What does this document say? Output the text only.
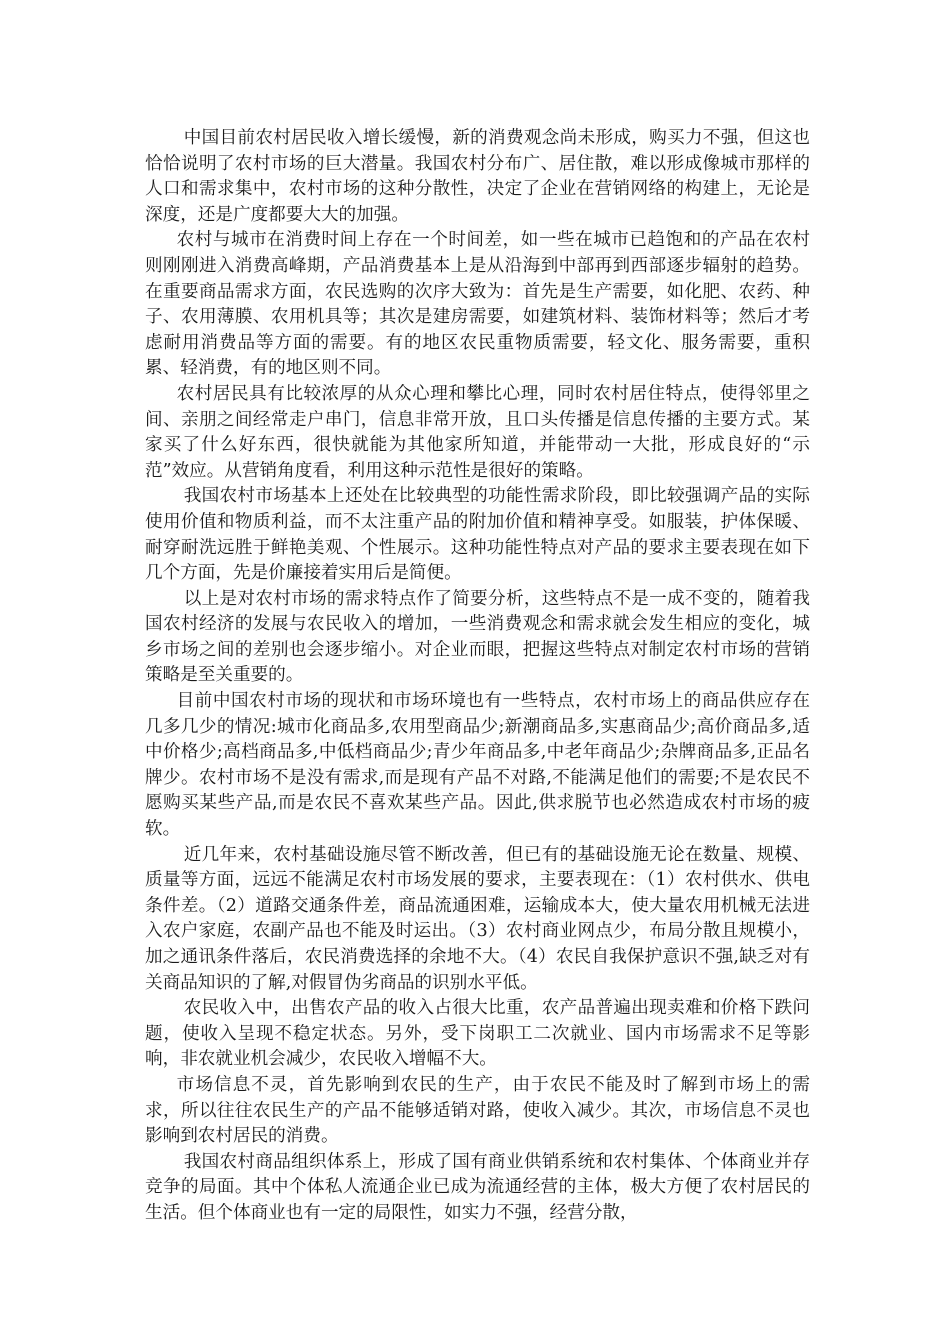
中国目前农村居民收入增长缓慢，新的消费观念尚未形成，购买力不强，但这也恰恰说明了农村市场的巨大潜量。我国农村分布广、居住散，难以形成像城市那样的人口和需求集中，农村市场的这种分散性，决定了企业在营销网络的构建上，无论是深度，还是广度都要大大的加强。

农村与城市在消费时间上存在一个时间差，如一些在城市已趋饱和的产品在农村则刚刚进入消费高峰期，产品消费基本上是从沿海到中部再到西部逐步辐射的趋势。在重要商品需求方面，农民选购的次序大致为：首先是生产需要，如化肥、农药、种子、农用薄膜、农用机具等；其次是建房需要，如建筑材料、装饰材料等；然后才考虑耐用消费品等方面的需要。有的地区农民重物质需要，轻文化、服务需要，重积累、轻消费，有的地区则不同。

农村居民具有比较浓厚的从众心理和攀比心理，同时农村居住特点，使得邻里之间、亲朋之间经常走户串门，信息非常开放，且口头传播是信息传播的主要方式。某家买了什么好东西，很快就能为其他家所知道，并能带动一大批，形成良好的“示范”效应。从营销角度看，利用这种示范性是很好的策略。

我国农村市场基本上还处在比较典型的功能性需求阶段，即比较强调产品的实际使用价值和物质利益，而不太注重产品的附加价值和精神享受。如服装，护体保暖、耐穿耐洗远胜于鲜艳美观、个性展示。这种功能性特点对产品的要求主要表现在如下几个方面，先是价廉接着实用后是简便。

以上是对农村市场的需求特点作了简要分析，这些特点不是一成不变的，随着我国农村经济的发展与农民收入的增加，一些消费观念和需求就会发生相应的变化，城乡市场之间的差别也会逐步缩小。对企业而眼，把握这些特点对制定农村市场的营销策略是至关重要的。

目前中国农村市场的现状和市场环境也有一些特点，农村市场上的商品供应存在几多几少的情况:城市化商品多,农用型商品少;新潮商品多,实惠商品少;高价商品多,适中价格少;高档商品多,中低档商品少;青少年商品多,中老年商品少;杂牌商品多,正品名牌少。农村市场不是没有需求,而是现有产品不对路,不能满足他们的需要;不是农民不愿购买某些产品,而是农民不喜欢某些产品。因此,供求脱节也必然造成农村市场的疲软。

近几年来，农村基础设施尽管不断改善，但已有的基础设施无论在数量、规模、质量等方面，远远不能满足农村市场发展的要求，主要表现在：（1）农村供水、供电条件差。（2）道路交通条件差，商品流通困难，运输成本大，使大量农用机械无法进入农户家庭，农副产品也不能及时运出。（3）农村商业网点少，布局分散且规模小，加之通讯条件落后，农民消费选择的余地不大。（4）农民自我保护意识不强,缺乏对有关商品知识的了解,对假冒伪劣商品的识别水平低。

农民收入中，出售农产品的收入占很大比重，农产品普遍出现卖难和价格下跌问题，使收入呈现不稳定状态。另外，受下岗职工二次就业、国内市场需求不足等影响，非农就业机会减少，农民收入增幅不大。

市场信息不灵，首先影响到农民的生产，由于农民不能及时了解到市场上的需求，所以往往农民生产的产品不能够适销对路，使收入减少。其次，市场信息不灵也影响到农村居民的消费。

我国农村商品组织体系上，形成了国有商业供销系统和农村集体、个体商业并存竞争的局面。其中个体私人流通企业已成为流通经营的主体，极大方便了农村居民的生活。但个体商业也有一定的局限性，如实力不强，经营分散，
